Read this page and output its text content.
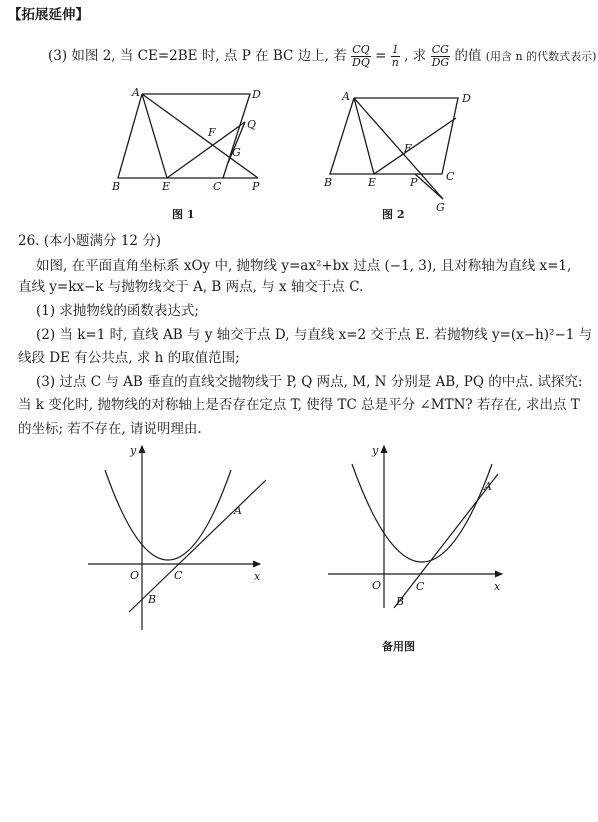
【拓展延伸】
(3) 如图 2, 当 CE=2BE 时, 点 P 在 BC 边上, 若 $\frac{CQ}{DQ} = \frac{1}{n}$ , 求 $\frac{CG}{DG}$ 的值 (用含 n 的代数式表示)
A	D
F
Q
G
B	E	C	P
图 1
A	D
F
B	E	P	C
G
图 2
26. (本小题满分 12 分)
如图, 在平面直角坐标系 xOy 中, 抛物线 y=ax²+bx 过点 (−1, 3), 且对称轴为直线 x=1,
直线 y=kx−k 与抛物线交于 A, B 两点, 与 x 轴交于点 C.
(1) 求抛物线的函数表达式;
(2) 当 k=1 时, 直线 AB 与 y 轴交于点 D, 与直线 x=2 交于点 E. 若抛物线 y=(x−h)²−1 与
线段 DE 有公共点, 求 h 的取值范围;
(3) 过点 C 与 AB 垂直的直线交抛物线于 P, Q 两点, M, N 分别是 AB, PQ 的中点. 试探究:
当 k 变化时, 抛物线的对称轴上是否存在定点 T, 使得 TC 总是平分 ∠MTN? 若存在, 求出点 T
的坐标; 若不存在, 请说明理由.
y
x
O
A
B
C
y
x
O
A
B
C
备用图
